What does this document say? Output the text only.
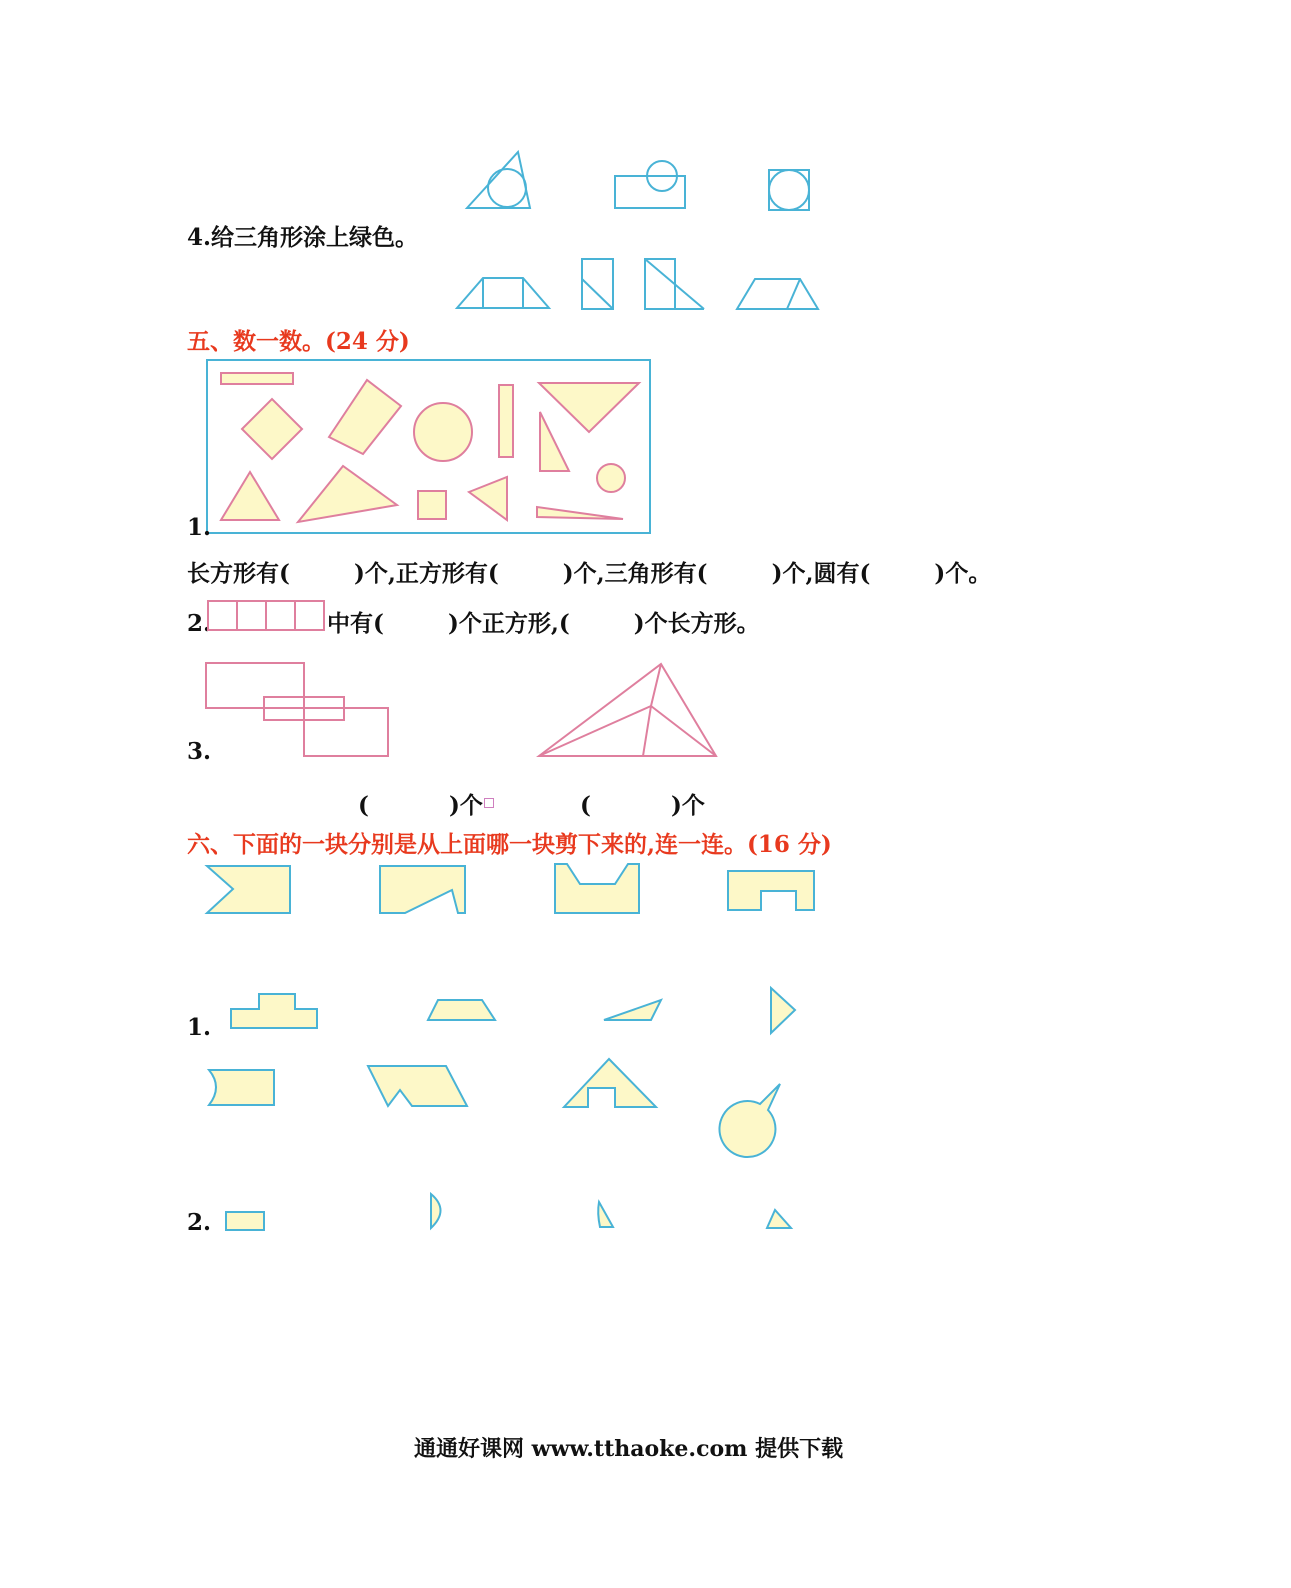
4.给三角形涂上绿色。
五、数一数。(24 分)
1.
长方形有(        )个,正方形有(        )个,三角形有(        )个,圆有(        )个。
2.	中有(        )个正方形,(        )个长方形。
3.
(          )个	(          )个
六、下面的一块分别是从上面哪一块剪下来的,连一连。(16 分)
1.
2.
通通好课网 www.tthaoke.com 提供下载
